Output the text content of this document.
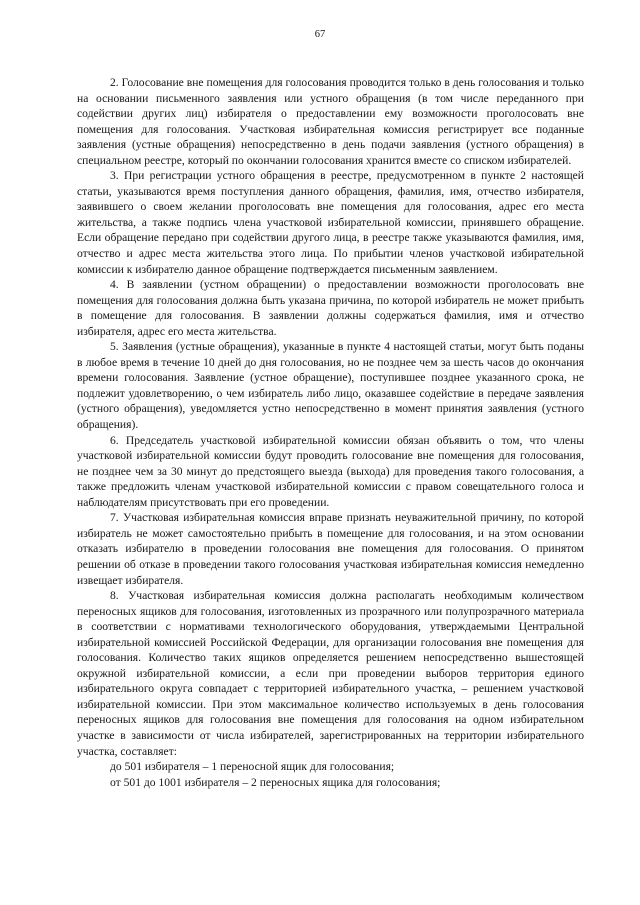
67

2. Голосование вне помещения для голосования проводится только в день голосования и только на основании письменного заявления или устного обращения (в том числе переданного при содействии других лиц) избирателя о предоставлении ему возможности проголосовать вне помещения для голосования. Участковая избирательная комиссия регистрирует все поданные заявления (устные обращения) непосредственно в день подачи заявления (устного обращения) в специальном реестре, который по окончании голосования хранится вместе со списком избирателей.

3. При регистрации устного обращения в реестре, предусмотренном в пункте 2 настоящей статьи, указываются время поступления данного обращения, фамилия, имя, отчество избирателя, заявившего о своем желании проголосовать вне помещения для голосования, адрес его места жительства, а также подпись члена участковой избирательной комиссии, принявшего обращение. Если обращение передано при содействии другого лица, в реестре также указываются фамилия, имя, отчество и адрес места жительства этого лица. По прибытии членов участковой избирательной комиссии к избирателю данное обращение подтверждается письменным заявлением.

4. В заявлении (устном обращении) о предоставлении возможности проголосовать вне помещения для голосования должна быть указана причина, по которой избиратель не может прибыть в помещение для голосования. В заявлении должны содержаться фамилия, имя и отчество избирателя, адрес его места жительства.

5. Заявления (устные обращения), указанные в пункте 4 настоящей статьи, могут быть поданы в любое время в течение 10 дней до дня голосования, но не позднее чем за шесть часов до окончания времени голосования. Заявление (устное обращение), поступившее позднее указанного срока, не подлежит удовлетворению, о чем избиратель либо лицо, оказавшее содействие в передаче заявления (устного обращения), уведомляется устно непосредственно в момент принятия заявления (устного обращения).

6. Председатель участковой избирательной комиссии обязан объявить о том, что члены участковой избирательной комиссии будут проводить голосование вне помещения для голосования, не позднее чем за 30 минут до предстоящего выезда (выхода) для проведения такого голосования, а также предложить членам участковой избирательной комиссии с правом совещательного голоса и наблюдателям присутствовать при его проведении.

7. Участковая избирательная комиссия вправе признать неуважительной причину, по которой избиратель не может самостоятельно прибыть в помещение для голосования, и на этом основании отказать избирателю в проведении голосования вне помещения для голосования. О принятом решении об отказе в проведении такого голосования участковая избирательная комиссия немедленно извещает избирателя.

8. Участковая избирательная комиссия должна располагать необходимым количеством переносных ящиков для голосования, изготовленных из прозрачного или полупрозрачного материала в соответствии с нормативами технологического оборудования, утверждаемыми Центральной избирательной комиссией Российской Федерации, для организации голосования вне помещения для голосования. Количество таких ящиков определяется решением непосредственно вышестоящей окружной избирательной комиссии, а если при проведении выборов территория единого избирательного округа совпадает с территорией избирательного участка, – решением участковой избирательной комиссии. При этом максимальное количество используемых в день голосования переносных ящиков для голосования вне помещения для голосования на одном избирательном участке в зависимости от числа избирателей, зарегистрированных на территории избирательного участка, составляет:

до 501 избирателя – 1 переносной ящик для голосования;

от 501 до 1001 избирателя – 2 переносных ящика для голосования;
